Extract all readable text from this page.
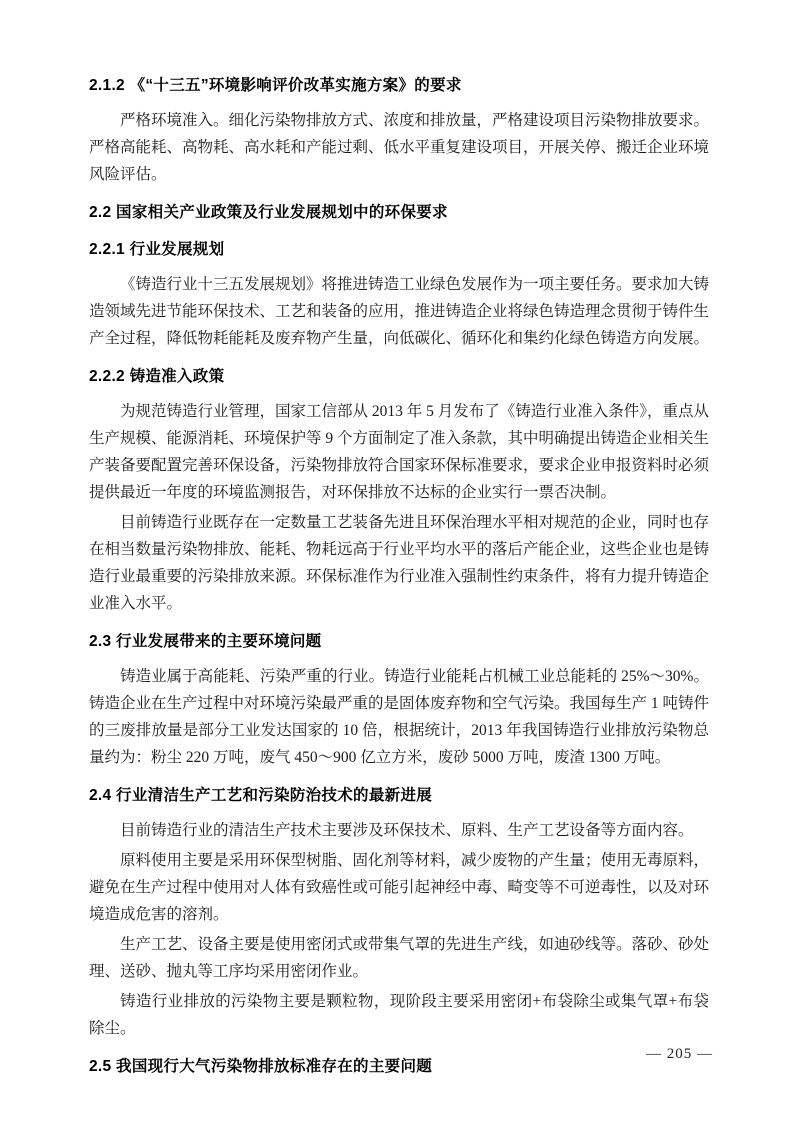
2.1.2 《“十三五”环境影响评价改革实施方案》的要求

严格环境准入。细化污染物排放方式、浓度和排放量，严格建设项目污染物排放要求。严格高能耗、高物耗、高水耗和产能过剩、低水平重复建设项目，开展关停、搬迁企业环境风险评估。

2.2 国家相关产业政策及行业发展规划中的环保要求
2.2.1 行业发展规划

《铸造行业十三五发展规划》将推进铸造工业绿色发展作为一项主要任务。要求加大铸造领域先进节能环保技术、工艺和装备的应用，推进铸造企业将绿色铸造理念贯彻于铸件生产全过程，降低物耗能耗及废弃物产生量，向低碳化、循环化和集约化绿色铸造方向发展。

2.2.2 铸造准入政策

为规范铸造行业管理，国家工信部从 2013 年 5 月发布了《铸造行业准入条件》，重点从生产规模、能源消耗、环境保护等 9 个方面制定了准入条款，其中明确提出铸造企业相关生产装备要配置完善环保设备，污染物排放符合国家环保标准要求，要求企业申报资料时必须提供最近一年度的环境监测报告，对环保排放不达标的企业实行一票否决制。

目前铸造行业既存在一定数量工艺装备先进且环保治理水平相对规范的企业，同时也存在相当数量污染物排放、能耗、物耗远高于行业平均水平的落后产能企业，这些企业也是铸造行业最重要的污染排放来源。环保标准作为行业准入强制性约束条件，将有力提升铸造企业准入水平。

2.3 行业发展带来的主要环境问题

铸造业属于高能耗、污染严重的行业。铸造行业能耗占机械工业总能耗的 25%〜30%。铸造企业在生产过程中对环境污染最严重的是固体废弃物和空气污染。我国每生产 1 吨铸件的三废排放量是部分工业发达国家的 10 倍，根据统计，2013 年我国铸造行业排放污染物总量约为：粉尘 220 万吨，废气 450〜900 亿立方米，废砂 5000 万吨，废渣 1300 万吨。

2.4 行业清洁生产工艺和污染防治技术的最新进展

目前铸造行业的清洁生产技术主要涉及环保技术、原料、生产工艺设备等方面内容。

原料使用主要是采用环保型树脂、固化剂等材料，减少废物的产生量；使用无毒原料，避免在生产过程中使用对人体有致癌性或可能引起神经中毒、畸变等不可逆毒性，以及对环境造成危害的溶剂。

生产工艺、设备主要是使用密闭式或带集气罩的先进生产线，如迪砂线等。落砂、砂处理、送砂、抛丸等工序均采用密闭作业。

铸造行业排放的污染物主要是颗粒物，现阶段主要采用密闭+布袋除尘或集气罩+布袋除尘。

2.5 我国现行大气污染物排放标准存在的主要问题
— 205 —
